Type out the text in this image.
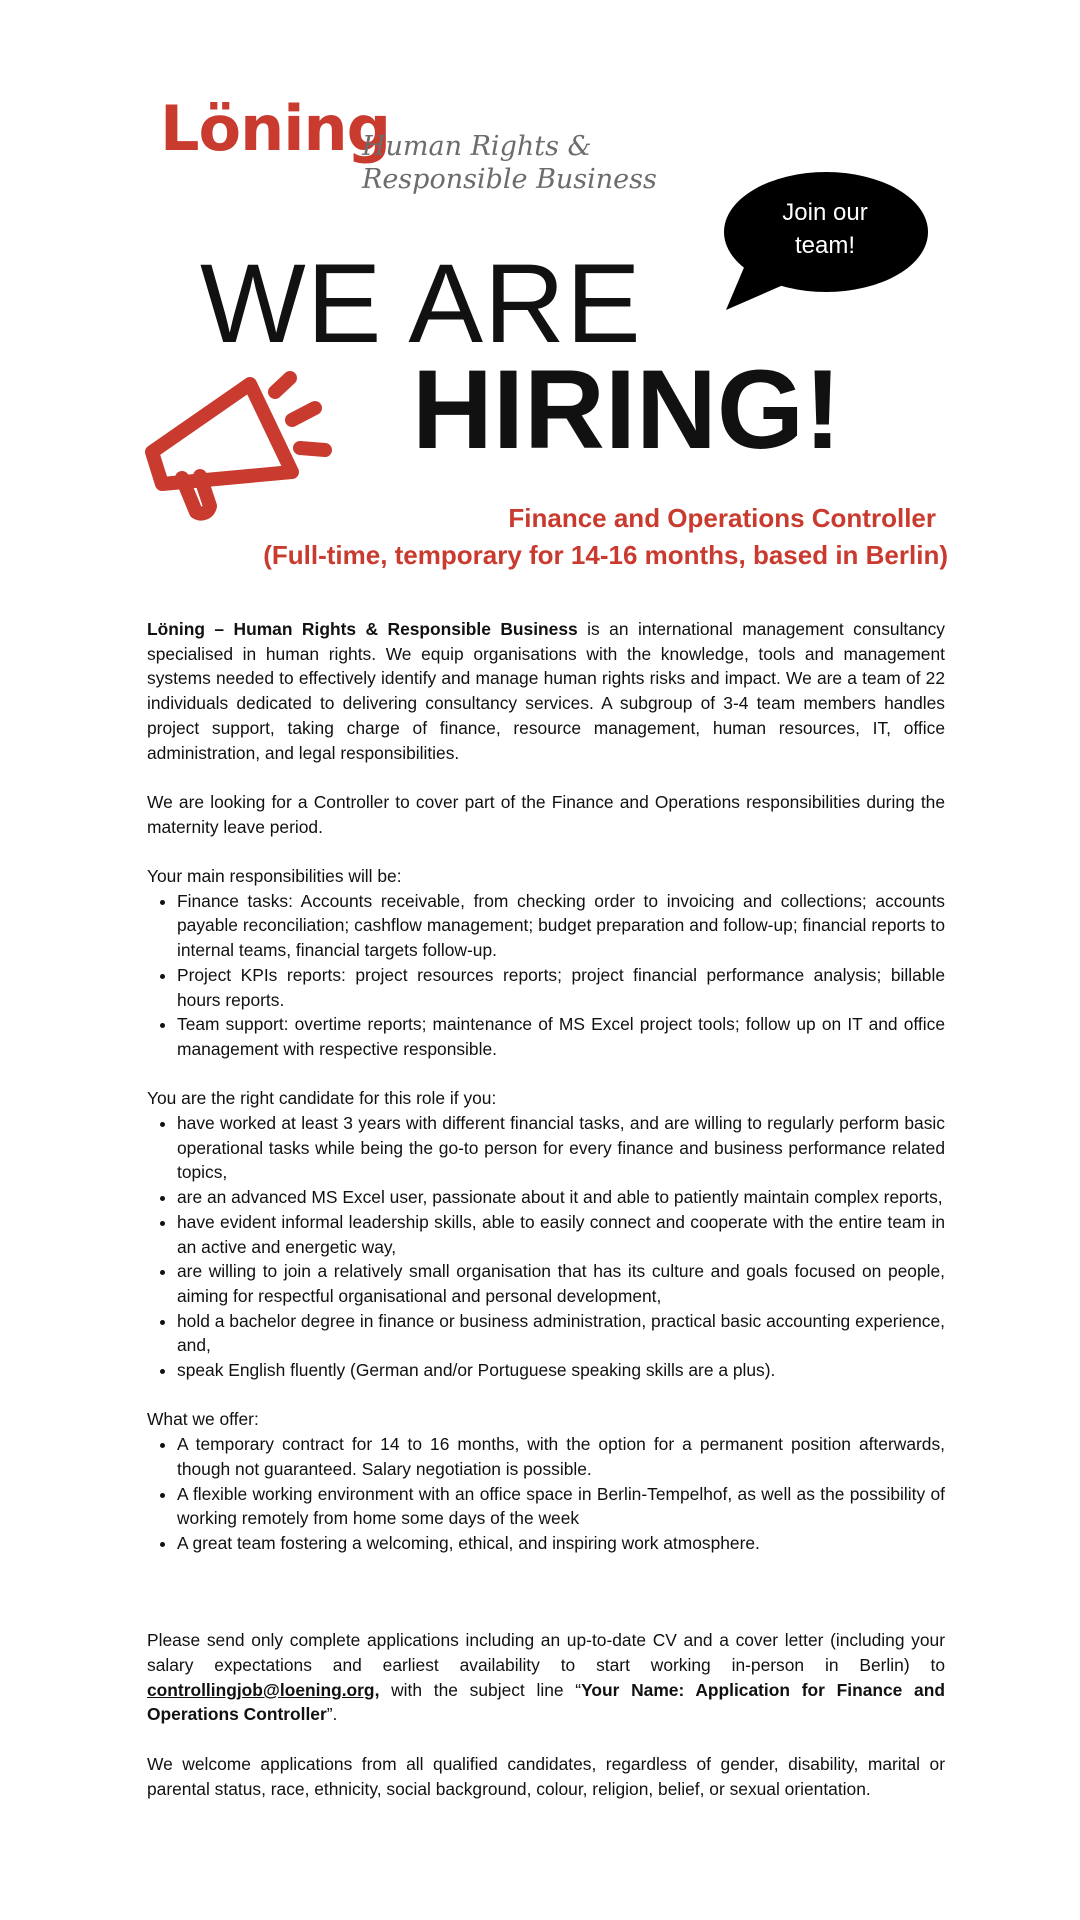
Löning
Human Rights &
Responsible Business
Join our
team!
WE ARE
HIRING!
Finance and Operations Controller
(Full-time, temporary for 14-16 months, based in Berlin)

Löning – Human Rights & Responsible Business is an international management consultancy specialised in human rights. We equip organisations with the knowledge, tools and management systems needed to effectively identify and manage human rights risks and impact. We are a team of 22 individuals dedicated to delivering consultancy services. A subgroup of 3-4 team members handles project support, taking charge of finance, resource management, human resources, IT, office administration, and legal responsibilities.

We are looking for a Controller to cover part of the Finance and Operations responsibilities during the maternity leave period.

Your main responsibilities will be:
• Finance tasks: Accounts receivable, from checking order to invoicing and collections; accounts payable reconciliation; cashflow management; budget preparation and follow-up; financial reports to internal teams, financial targets follow-up.
• Project KPIs reports: project resources reports; project financial performance analysis; billable hours reports.
• Team support: overtime reports; maintenance of MS Excel project tools; follow up on IT and office management with respective responsible.
You are the right candidate for this role if you:
• have worked at least 3 years with different financial tasks, and are willing to regularly perform basic operational tasks while being the go-to person for every finance and business performance related topics,
• are an advanced MS Excel user, passionate about it and able to patiently maintain complex reports,
• have evident informal leadership skills, able to easily connect and cooperate with the entire team in an active and energetic way,
• are willing to join a relatively small organisation that has its culture and goals focused on people, aiming for respectful organisational and personal development,
• hold a bachelor degree in finance or business administration, practical basic accounting experience, and,
• speak English fluently (German and/or Portuguese speaking skills are a plus).
What we offer:
• A temporary contract for 14 to 16 months, with the option for a permanent position afterwards, though not guaranteed. Salary negotiation is possible.
• A flexible working environment with an office space in Berlin-Tempelhof, as well as the possibility of working remotely from home some days of the week
• A great team fostering a welcoming, ethical, and inspiring work atmosphere.

Please send only complete applications including an up-to-date CV and a cover letter (including your salary expectations and earliest availability to start working in-person in Berlin) to controllingjob@loening.org, with the subject line “Your Name: Application for Finance and Operations Controller”.

We welcome applications from all qualified candidates, regardless of gender, disability, marital or parental status, race, ethnicity, social background, colour, religion, belief, or sexual orientation.
